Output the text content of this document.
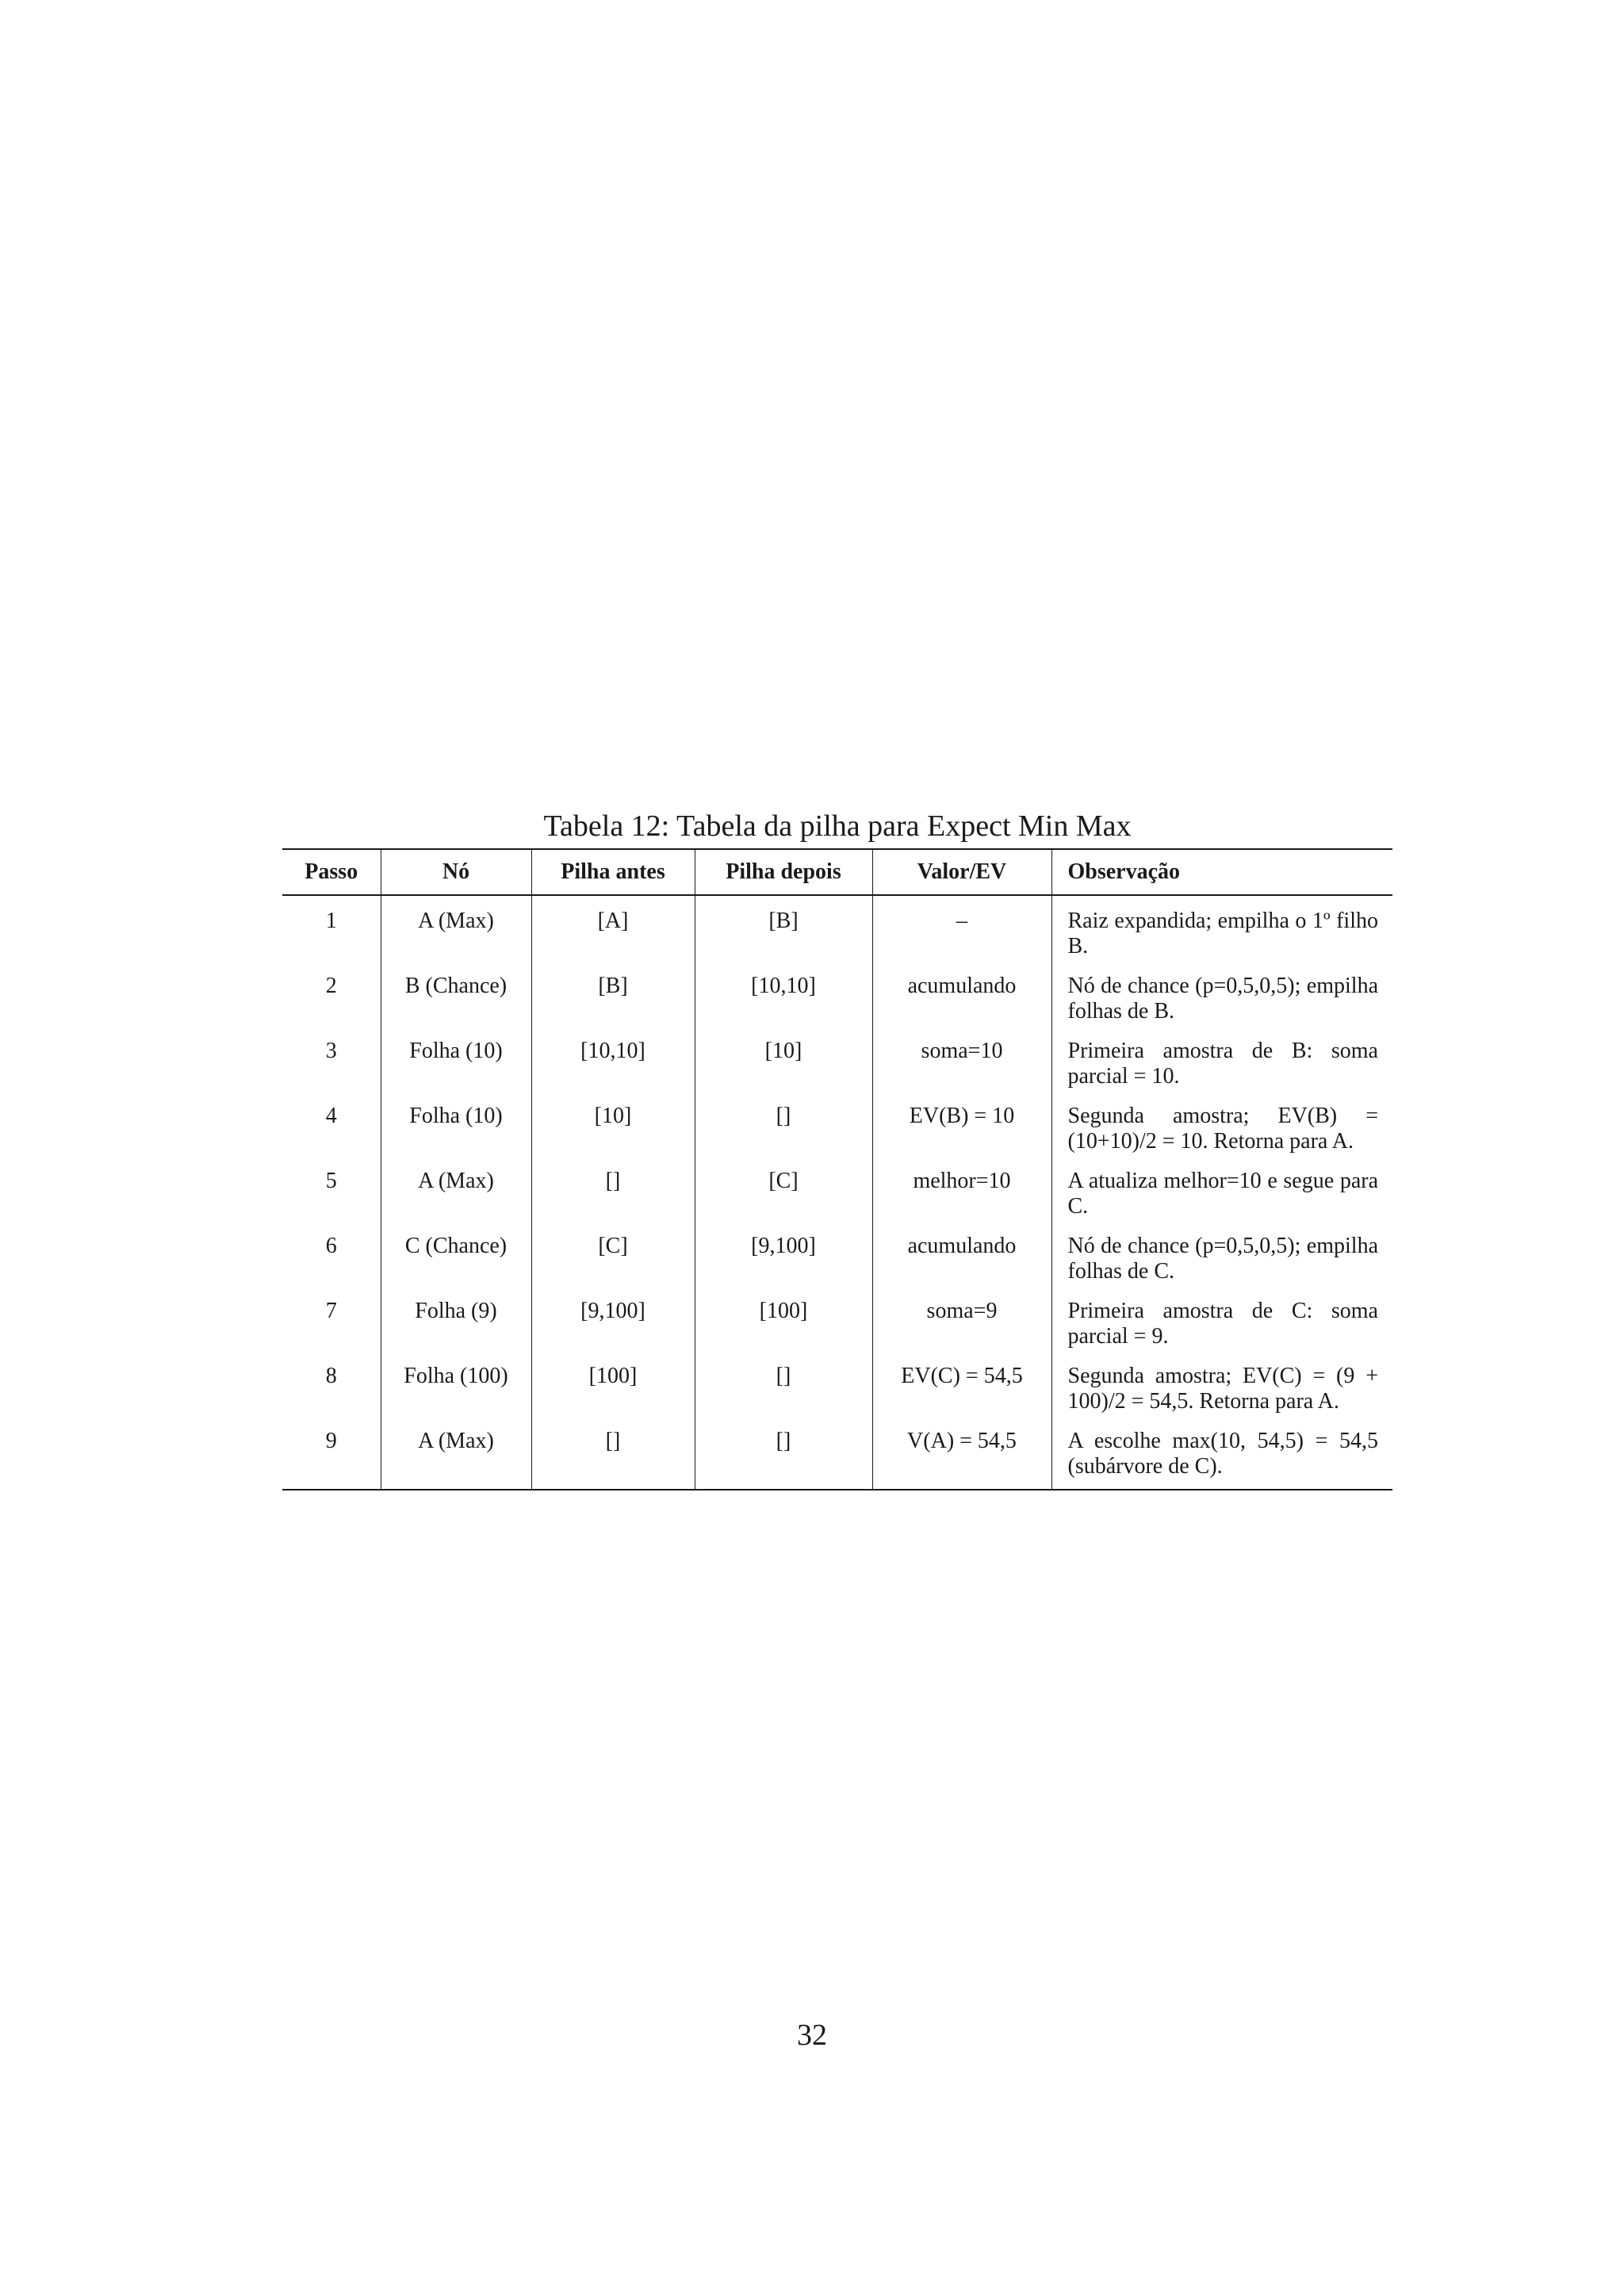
Tabela 12: Tabela da pilha para Expect Min Max
Passo	Nó	Pilha antes	Pilha depois	Valor/EV	Observação
1	A (Max)	[A]	[B]	–	Raiz expandida; empilha o 1º filho B.
2	B (Chance)	[B]	[10,10]	acumulando	Nó de chance (p=0,5,0,5); empilha folhas de B.
3	Folha (10)	[10,10]	[10]	soma=10	Primeira amostra de B: soma parcial = 10.
4	Folha (10)	[10]	[]	EV(B) = 10	Segunda amostra; EV(B) = (10+10)/2 = 10. Retorna para A.
5	A (Max)	[]	[C]	melhor=10	A atualiza melhor=10 e segue para C.
6	C (Chance)	[C]	[9,100]	acumulando	Nó de chance (p=0,5,0,5); empilha folhas de C.
7	Folha (9)	[9,100]	[100]	soma=9	Primeira amostra de C: soma parcial = 9.
8	Folha (100)	[100]	[]	EV(C) = 54,5	Segunda amostra; EV(C) = (9 + 100)/2 = 54,5. Retorna para A.
9	A (Max)	[]	[]	V(A) = 54,5	A escolhe max(10, 54,5) = 54,5 (subárvore de C).
32
